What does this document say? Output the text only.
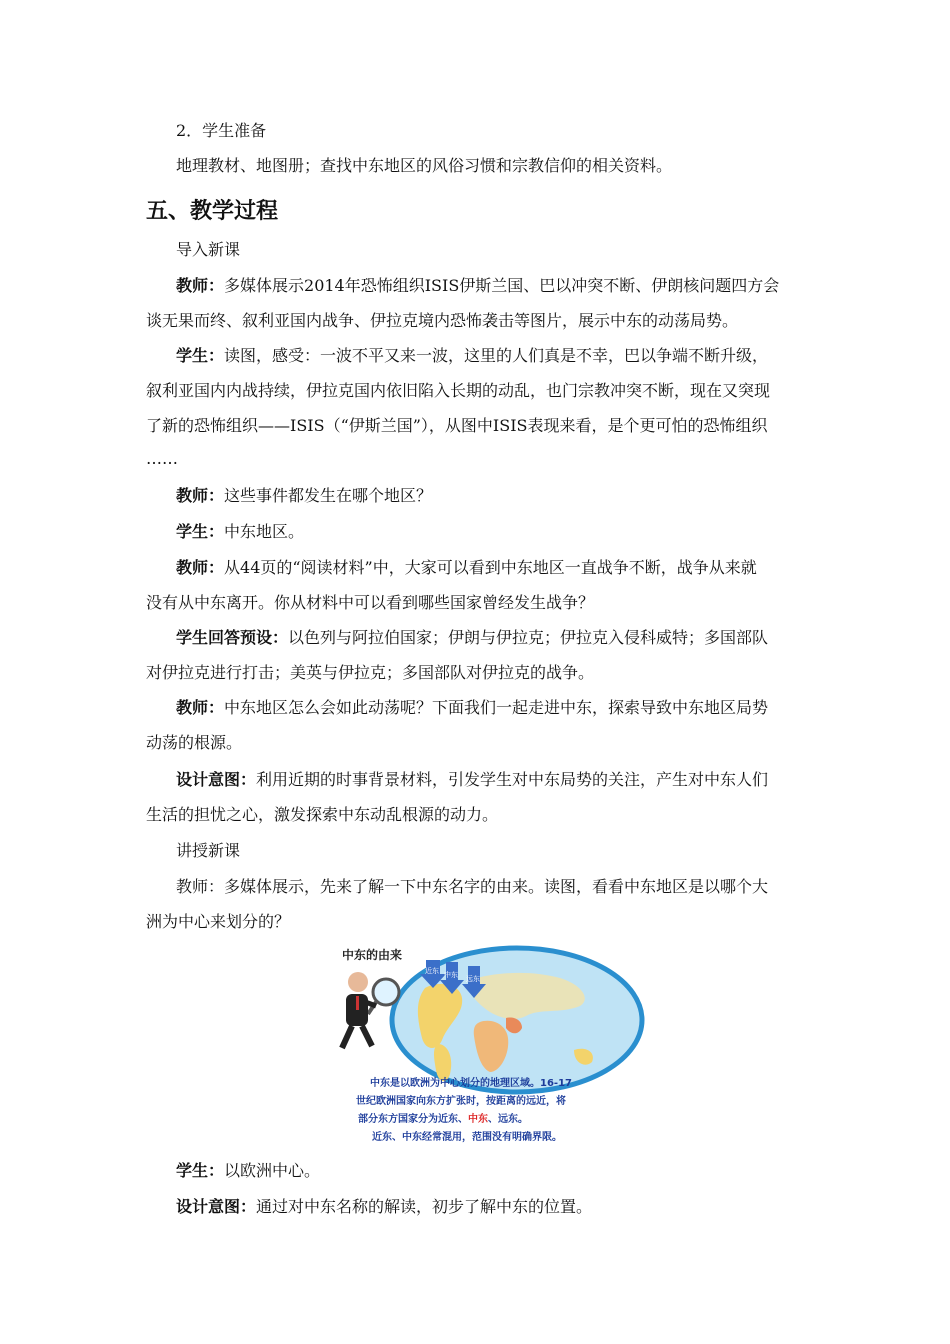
2．学生准备
地理教材、地图册；查找中东地区的风俗习惯和宗教信仰的相关资料。
五、教学过程
导入新课
教师：多媒体展示2014年恐怖组织ISIS伊斯兰国、巴以冲突不断、伊朗核问题四方会
谈无果而终、叙利亚国内战争、伊拉克境内恐怖袭击等图片，展示中东的动荡局势。
学生：读图，感受：一波不平又来一波，这里的人们真是不幸，巴以争端不断升级，
叙利亚国内内战持续，伊拉克国内依旧陷入长期的动乱，也门宗教冲突不断，现在又突现
了新的恐怖组织——ISIS（“伊斯兰国”），从图中ISIS表现来看，是个更可怕的恐怖组织
……
教师：这些事件都发生在哪个地区？
学生：中东地区。
教师：从44页的“阅读材料”中，大家可以看到中东地区一直战争不断，战争从来就
没有从中东离开。你从材料中可以看到哪些国家曾经发生战争？
学生回答预设：以色列与阿拉伯国家；伊朗与伊拉克；伊拉克入侵科威特；多国部队
对伊拉克进行打击；美英与伊拉克；多国部队对伊拉克的战争。
教师：中东地区怎么会如此动荡呢？下面我们一起走进中东，探索导致中东地区局势
动荡的根源。
设计意图：利用近期的时事背景材料，引发学生对中东局势的关注，产生对中东人们
生活的担忧之心，激发探索中东动乱根源的动力。
讲授新课
教师：多媒体展示，先来了解一下中东名字的由来。读图，看看中东地区是以哪个大
洲为中心来划分的？
中东的由来
近东 中东 远东
中东是以欧洲为中心划分的地理区域。16-17
世纪欧洲国家向东方扩张时，按距离的远近，将
部分东方国家分为近东、中东、远东。
近东、中东经常混用，范围没有明确界限。
学生：以欧洲中心。
设计意图：通过对中东名称的解读，初步了解中东的位置。
